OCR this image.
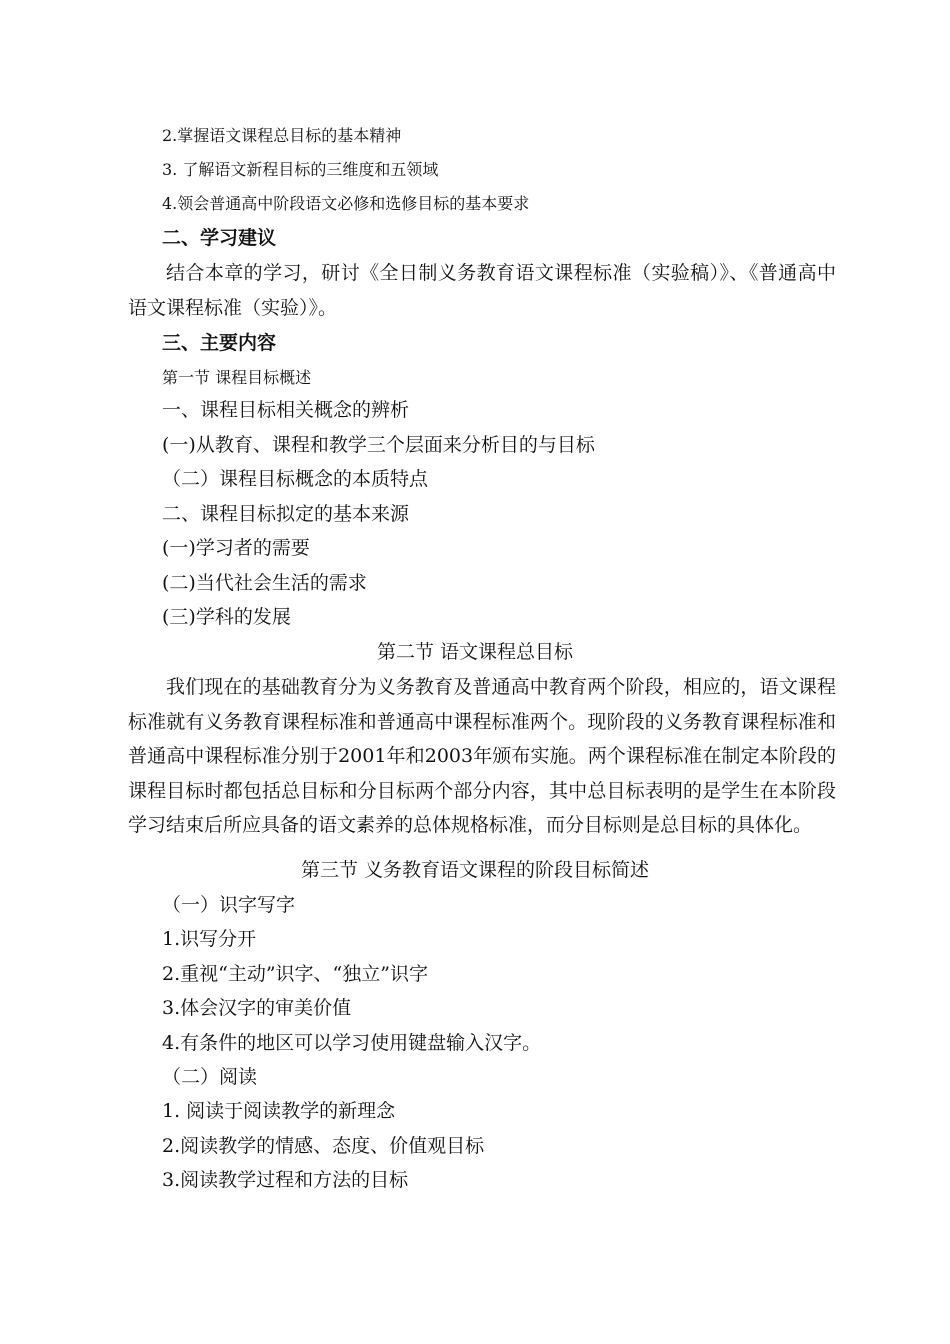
2.掌握语文课程总目标的基本精神
3. 了解语文新程目标的三维度和五领域
4.领会普通高中阶段语文必修和选修目标的基本要求
二、学习建议
结合本章的学习，研讨《全日制义务教育语文课程标准（实验稿）》、《普通高中语文课程标准（实验）》。
三、主要内容
第一节 课程目标概述
一、课程目标相关概念的辨析
(一)从教育、课程和教学三个层面来分析目的与目标
（二）课程目标概念的本质特点
二、课程目标拟定的基本来源
(一)学习者的需要
(二)当代社会生活的需求
(三)学科的发展
第二节 语文课程总目标
我们现在的基础教育分为义务教育及普通高中教育两个阶段，相应的，语文课程标准就有义务教育课程标准和普通高中课程标准两个。现阶段的义务教育课程标准和普通高中课程标准分别于2001年和2003年颁布实施。两个课程标准在制定本阶段的课程目标时都包括总目标和分目标两个部分内容，其中总目标表明的是学生在本阶段学习结束后所应具备的语文素养的总体规格标准，而分目标则是总目标的具体化。
第三节 义务教育语文课程的阶段目标简述
（一）识字写字
1.识写分开
2.重视“主动”识字、“独立”识字
3.体会汉字的审美价值
4.有条件的地区可以学习使用键盘输入汉字。
（二）阅读
1. 阅读于阅读教学的新理念
2.阅读教学的情感、态度、价值观目标
3.阅读教学过程和方法的目标
